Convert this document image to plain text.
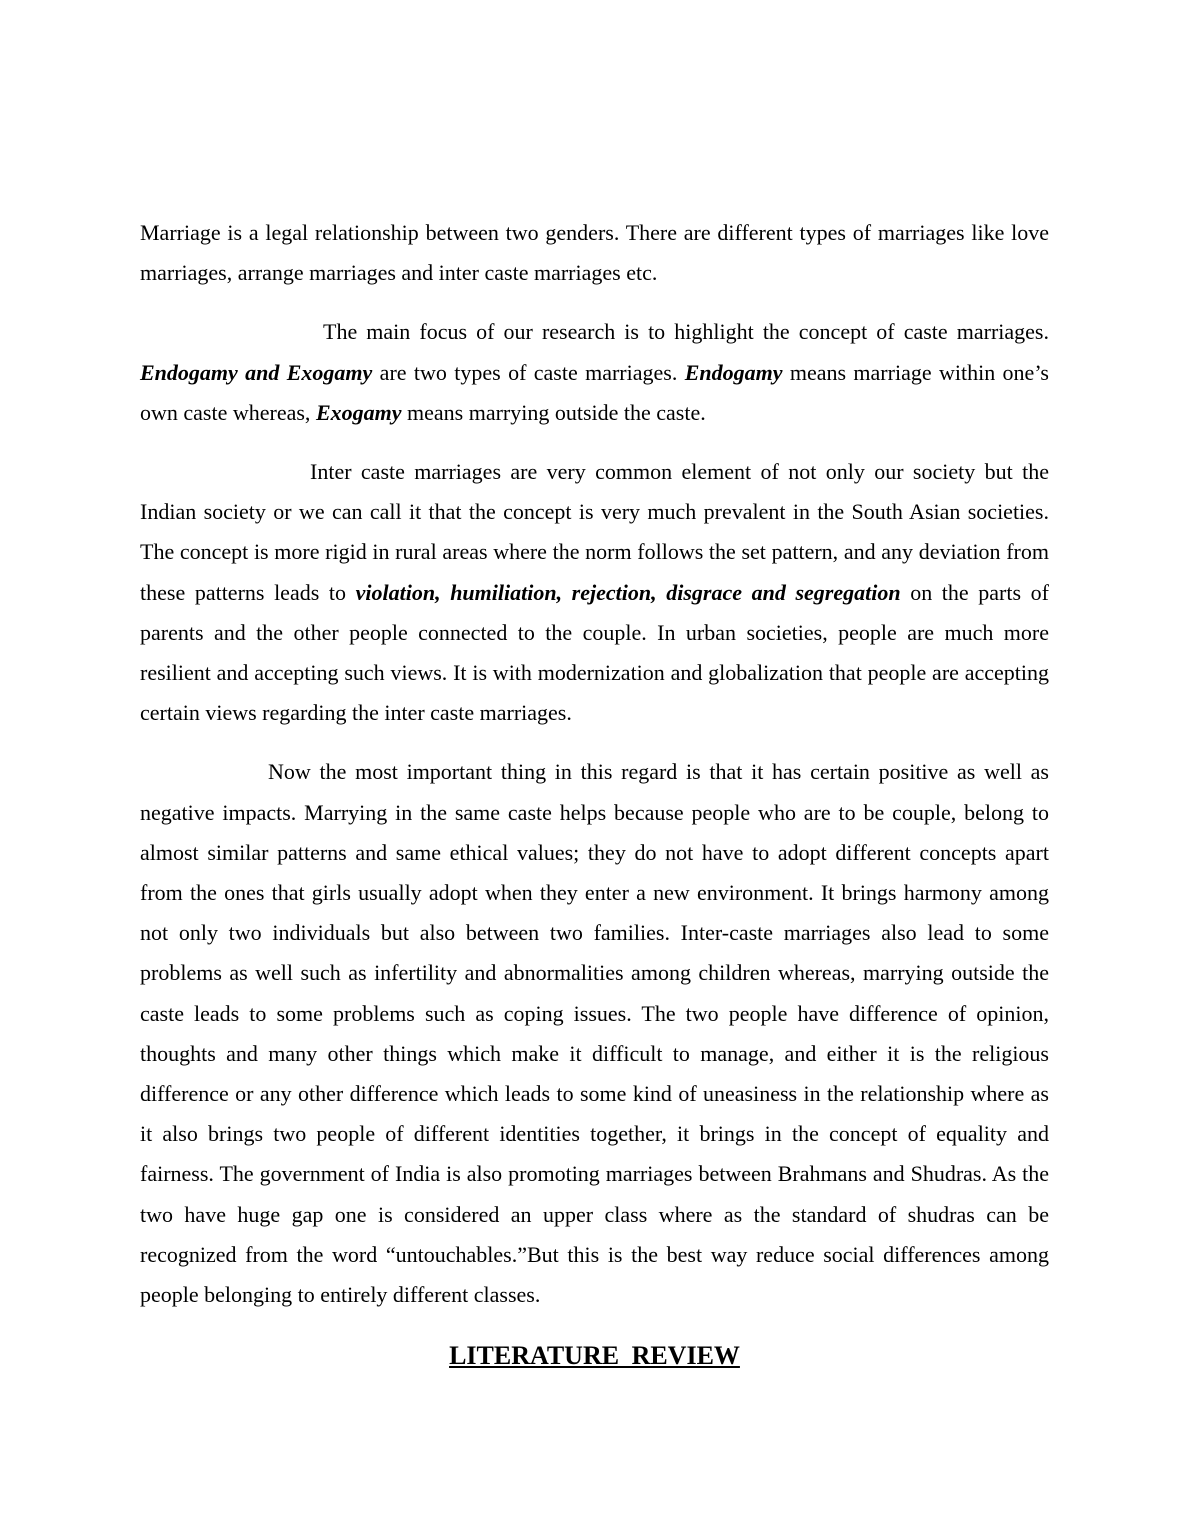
Marriage is a legal relationship between two genders. There are different types of marriages like love marriages, arrange marriages and inter caste marriages etc.

The main focus of our research is to highlight the concept of caste marriages. Endogamy and Exogamy are two types of caste marriages. Endogamy means marriage within one’s own caste whereas, Exogamy means marrying outside the caste.

Inter caste marriages are very common element of not only our society but the Indian society or we can call it that the concept is very much prevalent in the South Asian societies. The concept is more rigid in rural areas where the norm follows the set pattern, and any deviation from these patterns leads to violation, humiliation, rejection, disgrace and segregation on the parts of parents and the other people connected to the couple. In urban societies, people are much more resilient and accepting such views. It is with modernization and globalization that people are accepting certain views regarding the inter caste marriages.

Now the most important thing in this regard is that it has certain positive as well as negative impacts. Marrying in the same caste helps because people who are to be couple, belong to almost similar patterns and same ethical values; they do not have to adopt different concepts apart from the ones that girls usually adopt when they enter a new environment. It brings harmony among not only two individuals but also between two families. Inter-caste marriages also lead to some problems as well such as infertility and abnormalities among children whereas, marrying outside the caste leads to some problems such as coping issues. The two people have difference of opinion, thoughts and many other things which make it difficult to manage, and either it is the religious difference or any other difference which leads to some kind of uneasiness in the relationship where as it also brings two people of different identities together, it brings in the concept of equality and fairness. The government of India is also promoting marriages between Brahmans and Shudras. As the two have huge gap one is considered an upper class where as the standard of shudras can be recognized from the word “untouchables.”But this is the best way reduce social differences among people belonging to entirely different classes.

LITERATURE REVIEW
